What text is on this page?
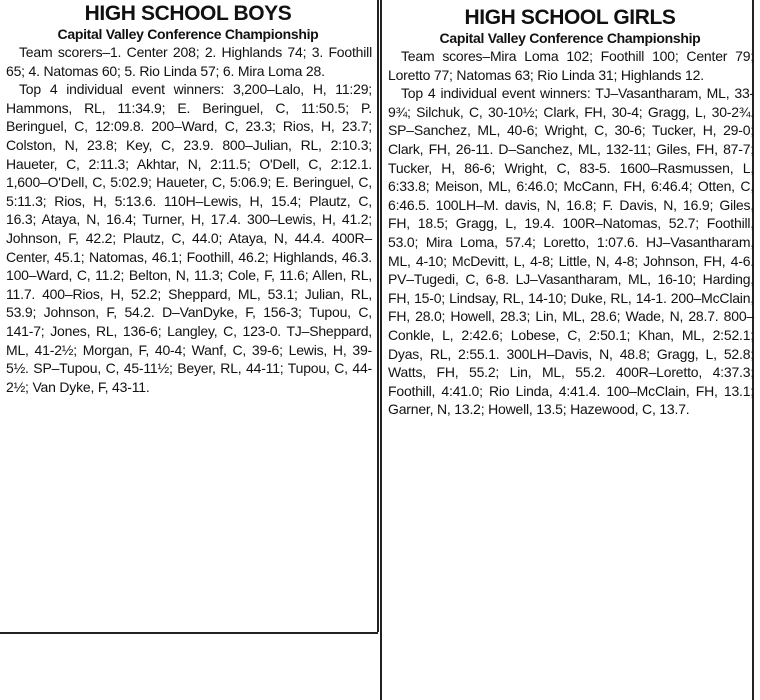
HIGH SCHOOL BOYS
Capital Valley Conference Championship

Team scorers–1. Center 208; 2. Highlands 74; 3. Foothill 65; 4. Natomas 60; 5. Rio Linda 57; 6. Mira Loma 28.

Top 4 individual event winners: 3,200–Lalo, H, 11:29; Hammons, RL, 11:34.9; E. Beringuel, C, 11:50.5; P. Beringuel, C, 12:09.8. 200–Ward, C, 23.3; Rios, H, 23.7; Colston, N, 23.8; Key, C, 23.9. 800–Julian, RL, 2:10.3; Haueter, C, 2:11.3; Akhtar, N, 2:11.5; O'Dell, C, 2:12.1. 1,600–O'Dell, C, 5:02.9; Haueter, C, 5:06.9; E. Beringuel, C, 5:11.3; Rios, H, 5:13.6. 110H–Lewis, H, 15.4; Plautz, C, 16.3; Ataya, N, 16.4; Turner, H, 17.4. 300–Lewis, H, 41.2; Johnson, F, 42.2; Plautz, C, 44.0; Ataya, N, 44.4. 400R–Center, 45.1; Natomas, 46.1; Foothill, 46.2; Highlands, 46.3. 100–Ward, C, 11.2; Belton, N, 11.3; Cole, F, 11.6; Allen, RL, 11.7. 400–Rios, H, 52.2; Sheppard, ML, 53.1; Julian, RL, 53.9; Johnson, F, 54.2. D–VanDyke, F, 156-3; Tupou, C, 141-7; Jones, RL, 136-6; Langley, C, 123-0. TJ–Sheppard, ML, 41-2½; Morgan, F, 40-4; Wanf, C, 39-6; Lewis, H, 39-5½. SP–Tupou, C, 45-11½; Beyer, RL, 44-11; Tupou, C, 44-2½; Van Dyke, F, 43-11.

HIGH SCHOOL GIRLS
Capital Valley Conference Championship

Team scores–Mira Loma 102; Foothill 100; Center 79; Loretto 77; Natomas 63; Rio Linda 31; Highlands 12.

Top 4 individual event winners: TJ–Vasantharam, ML, 33-9¾; Silchuk, C, 30-10½; Clark, FH, 30-4; Gragg, L, 30-2¾. SP–Sanchez, ML, 40-6; Wright, C, 30-6; Tucker, H, 29-0; Clark, FH, 26-11. D–Sanchez, ML, 132-11; Giles, FH, 87-7; Tucker, H, 86-6; Wright, C, 83-5. 1600–Rasmussen, L, 6:33.8; Meison, ML, 6:46.0; McCann, FH, 6:46.4; Otten, C, 6:46.5. 100LH–M. davis, N, 16.8; F. Davis, N, 16.9; Giles, FH, 18.5; Gragg, L, 19.4. 100R–Natomas, 52.7; Foothill, 53.0; Mira Loma, 57.4; Loretto, 1:07.6. HJ–Vasantharam, ML, 4-10; McDevitt, L, 4-8; Little, N, 4-8; Johnson, FH, 4-6. PV–Tugedi, C, 6-8. LJ–Vasantharam, ML, 16-10; Harding, FH, 15-0; Lindsay, RL, 14-10; Duke, RL, 14-1. 200–McClain, FH, 28.0; Howell, 28.3; Lin, ML, 28.6; Wade, N, 28.7. 800–Conkle, L, 2:42.6; Lobese, C, 2:50.1; Khan, ML, 2:52.1; Dyas, RL, 2:55.1. 300LH–Davis, N, 48.8; Gragg, L, 52.8; Watts, FH, 55.2; Lin, ML, 55.2. 400R–Loretto, 4:37.3; Foothill, 4:41.0; Rio Linda, 4:41.4. 100–McClain, FH, 13.1; Garner, N, 13.2; Howell, 13.5; Hazewood, C, 13.7.
